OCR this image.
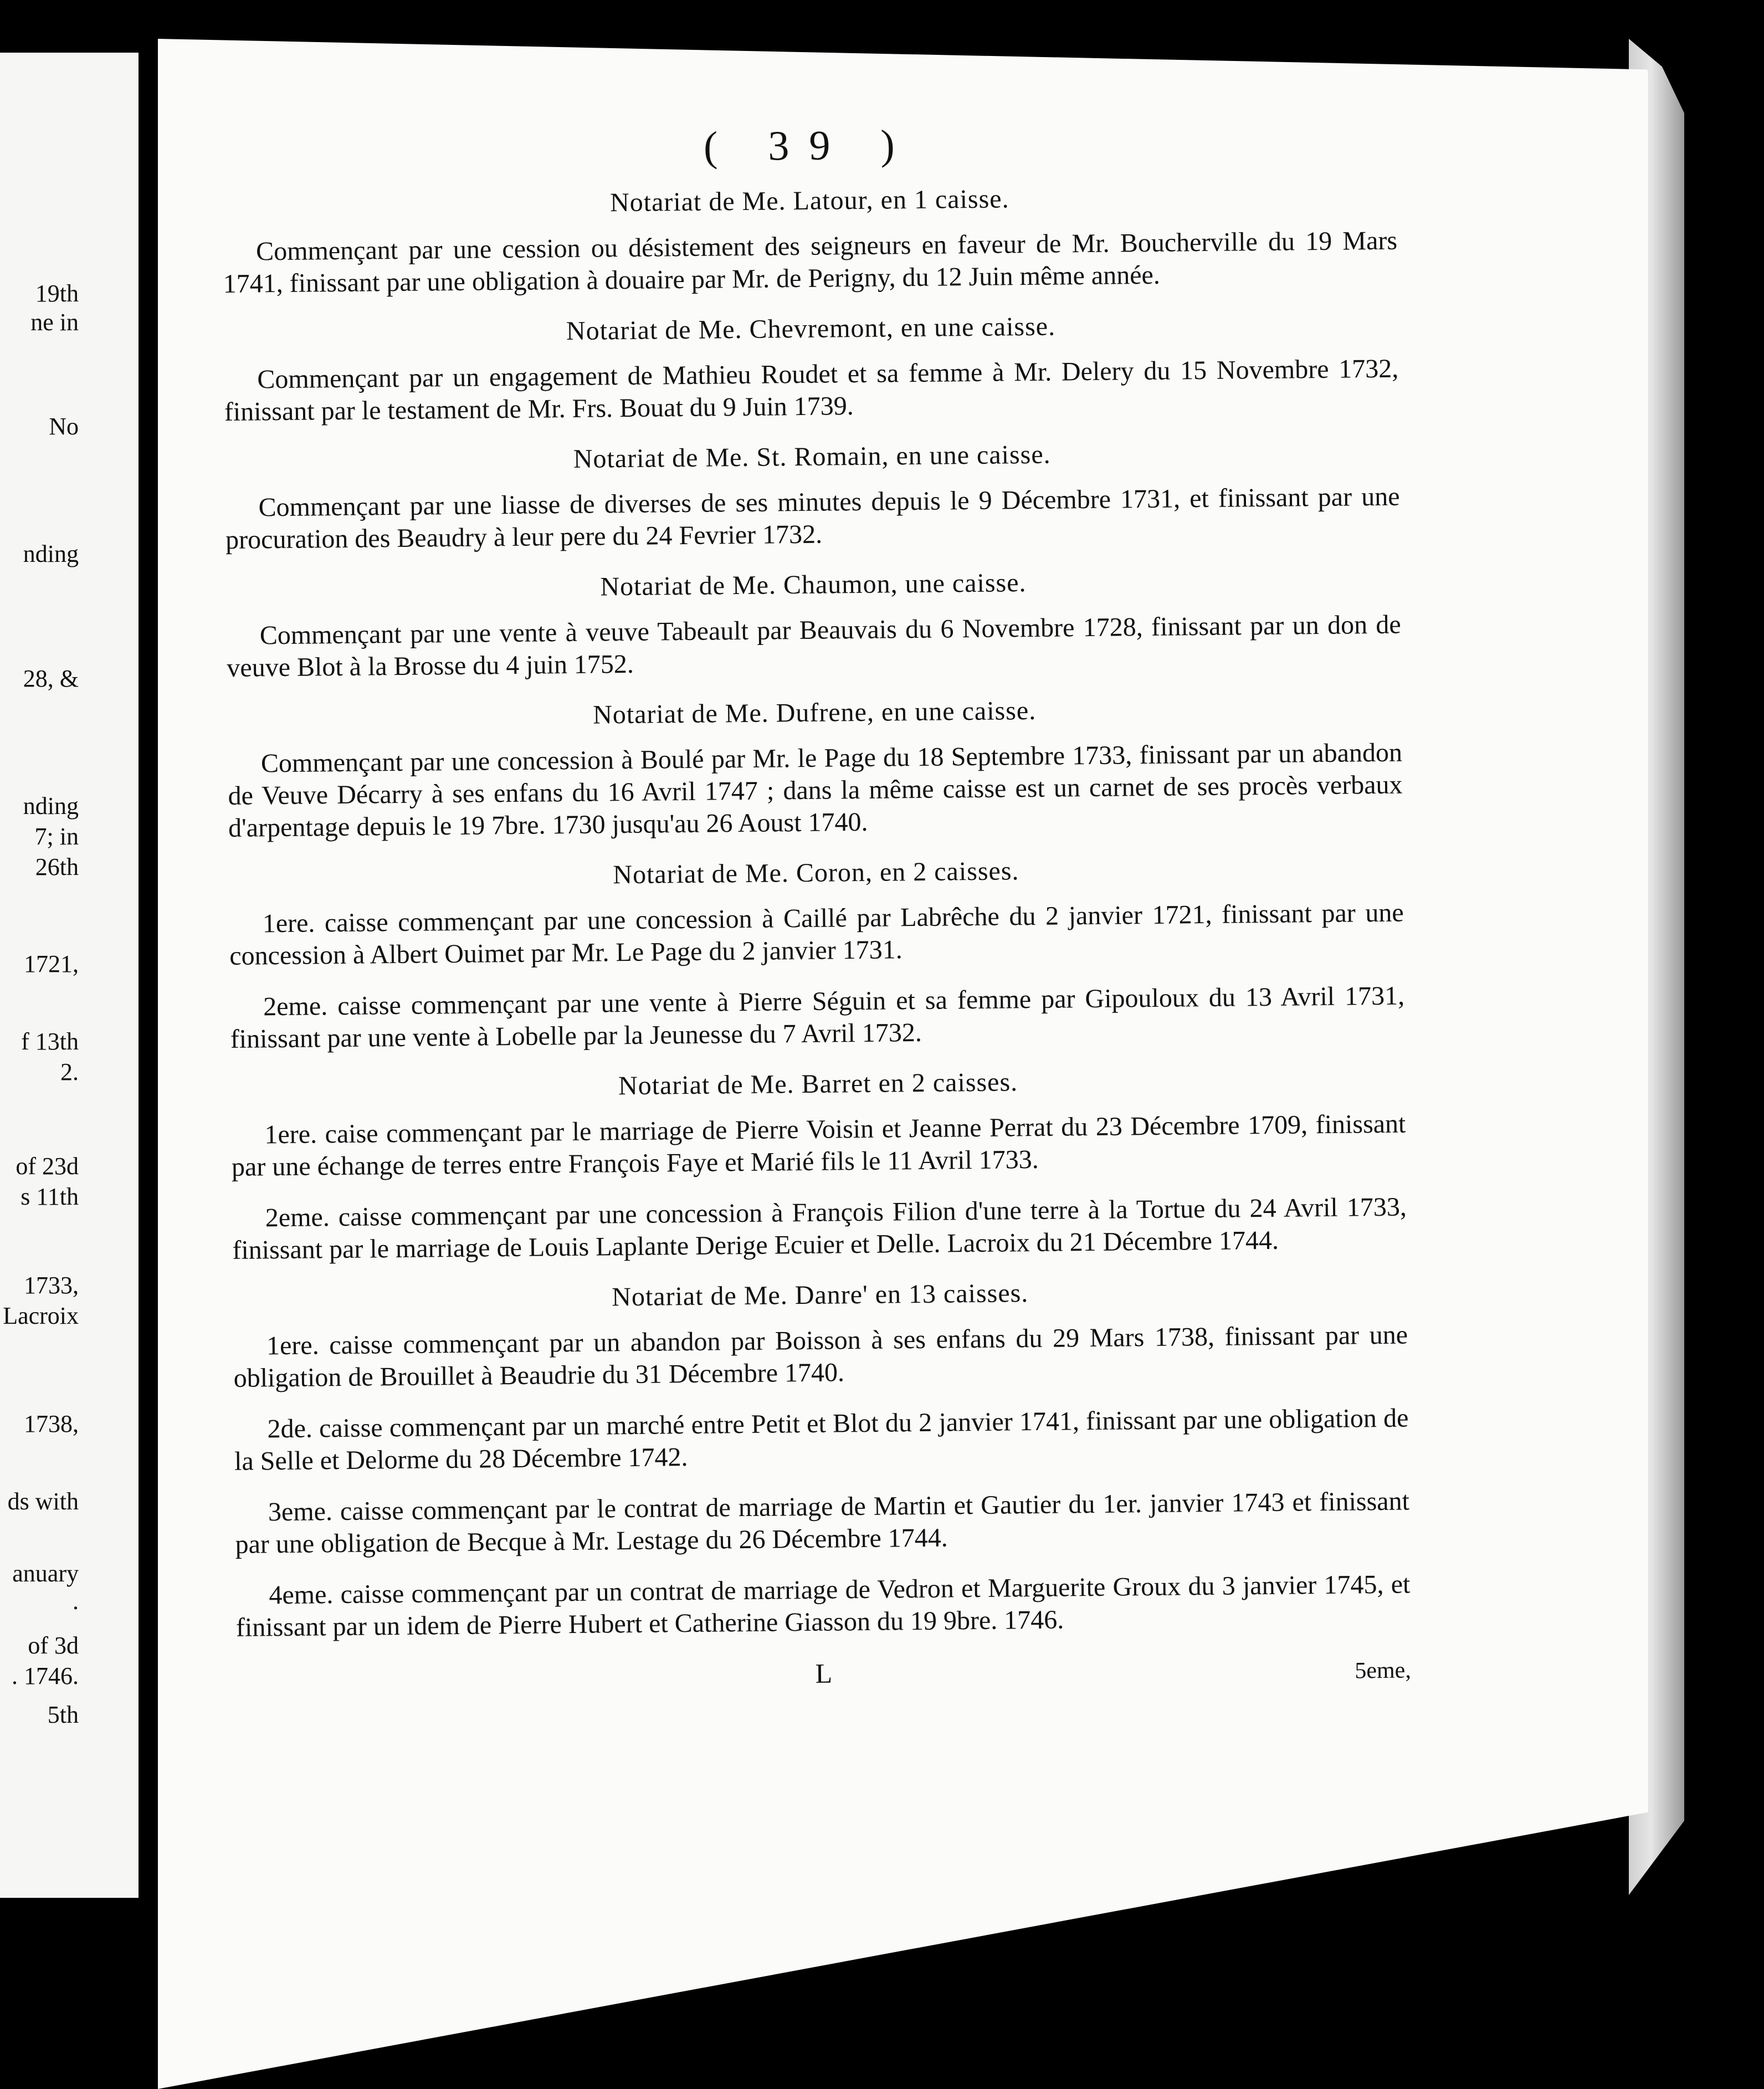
19th
ne in
No
nding
28, &
nding
7; in
26th
1721,
f 13th
2.
of 23d
s 11th
1733,
Lacroix
1738,
ds with
anuary
.
of 3d
. 1746.
5th
( 39 )
Notariat de Me. Latour, en 1 caisse.

Commençant par une cession ou désistement des seigneurs en faveur de Mr. Boucherville du 19 Mars 1741, finissant par une obligation à douaire par Mr. de Perigny, du 12 Juin même année.

Notariat de Me. Chevremont, en une caisse.

Commençant par un engagement de Mathieu Roudet et sa femme à Mr. Delery du 15 Novembre 1732, finissant par le testament de Mr. Frs. Bouat du 9 Juin 1739.

Notariat de Me. St. Romain, en une caisse.

Commençant par une liasse de diverses de ses minutes depuis le 9 Décembre 1731, et finissant par une procuration des Beaudry à leur pere du 24 Fevrier 1732.

Notariat de Me. Chaumon, une caisse.

Commençant par une vente à veuve Tabeault par Beauvais du 6 Novembre 1728, finissant par un don de veuve Blot à la Brosse du 4 juin 1752.

Notariat de Me. Dufrene, en une caisse.

Commençant par une concession à Boulé par Mr. le Page du 18 Septembre 1733, finissant par un abandon de Veuve Décarry à ses enfans du 16 Avril 1747 ; dans la même caisse est un carnet de ses procès verbaux d'arpentage depuis le 19 7bre. 1730 jusqu'au 26 Aoust 1740.

Notariat de Me. Coron, en 2 caisses.

1ere. caisse commençant par une concession à Caillé par Labrêche du 2 janvier 1721, finissant par une concession à Albert Ouimet par Mr. Le Page du 2 janvier 1731.

2eme. caisse commençant par une vente à Pierre Séguin et sa femme par Gipouloux du 13 Avril 1731, finissant par une vente à Lobelle par la Jeunesse du 7 Avril 1732.

Notariat de Me. Barret en 2 caisses.

1ere. caise commençant par le marriage de Pierre Voisin et Jeanne Perrat du 23 Décembre 1709, finissant par une échange de terres entre François Faye et Marié fils le 11 Avril 1733.

2eme. caisse commençant par une concession à François Filion d'une terre à la Tortue du 24 Avril 1733, finissant par le marriage de Louis Laplante Derige Ecuier et Delle. Lacroix du 21 Décembre 1744.

Notariat de Me. Danre' en 13 caisses.

1ere. caisse commençant par un abandon par Boisson à ses enfans du 29 Mars 1738, finissant par une obligation de Brouillet à Beaudrie du 31 Décembre 1740.

2de. caisse commençant par un marché entre Petit et Blot du 2 janvier 1741, finissant par une obligation de la Selle et Delorme du 28 Décembre 1742.

3eme. caisse commençant par le contrat de marriage de Martin et Gautier du 1er. janvier 1743 et finissant par une obligation de Becque à Mr. Lestage du 26 Décembre 1744.

4eme. caisse commençant par un contrat de marriage de Vedron et Marguerite Groux du 3 janvier 1745, et finissant par un idem de Pierre Hubert et Catherine Giasson du 19 9bre. 1746.

L	5eme,
